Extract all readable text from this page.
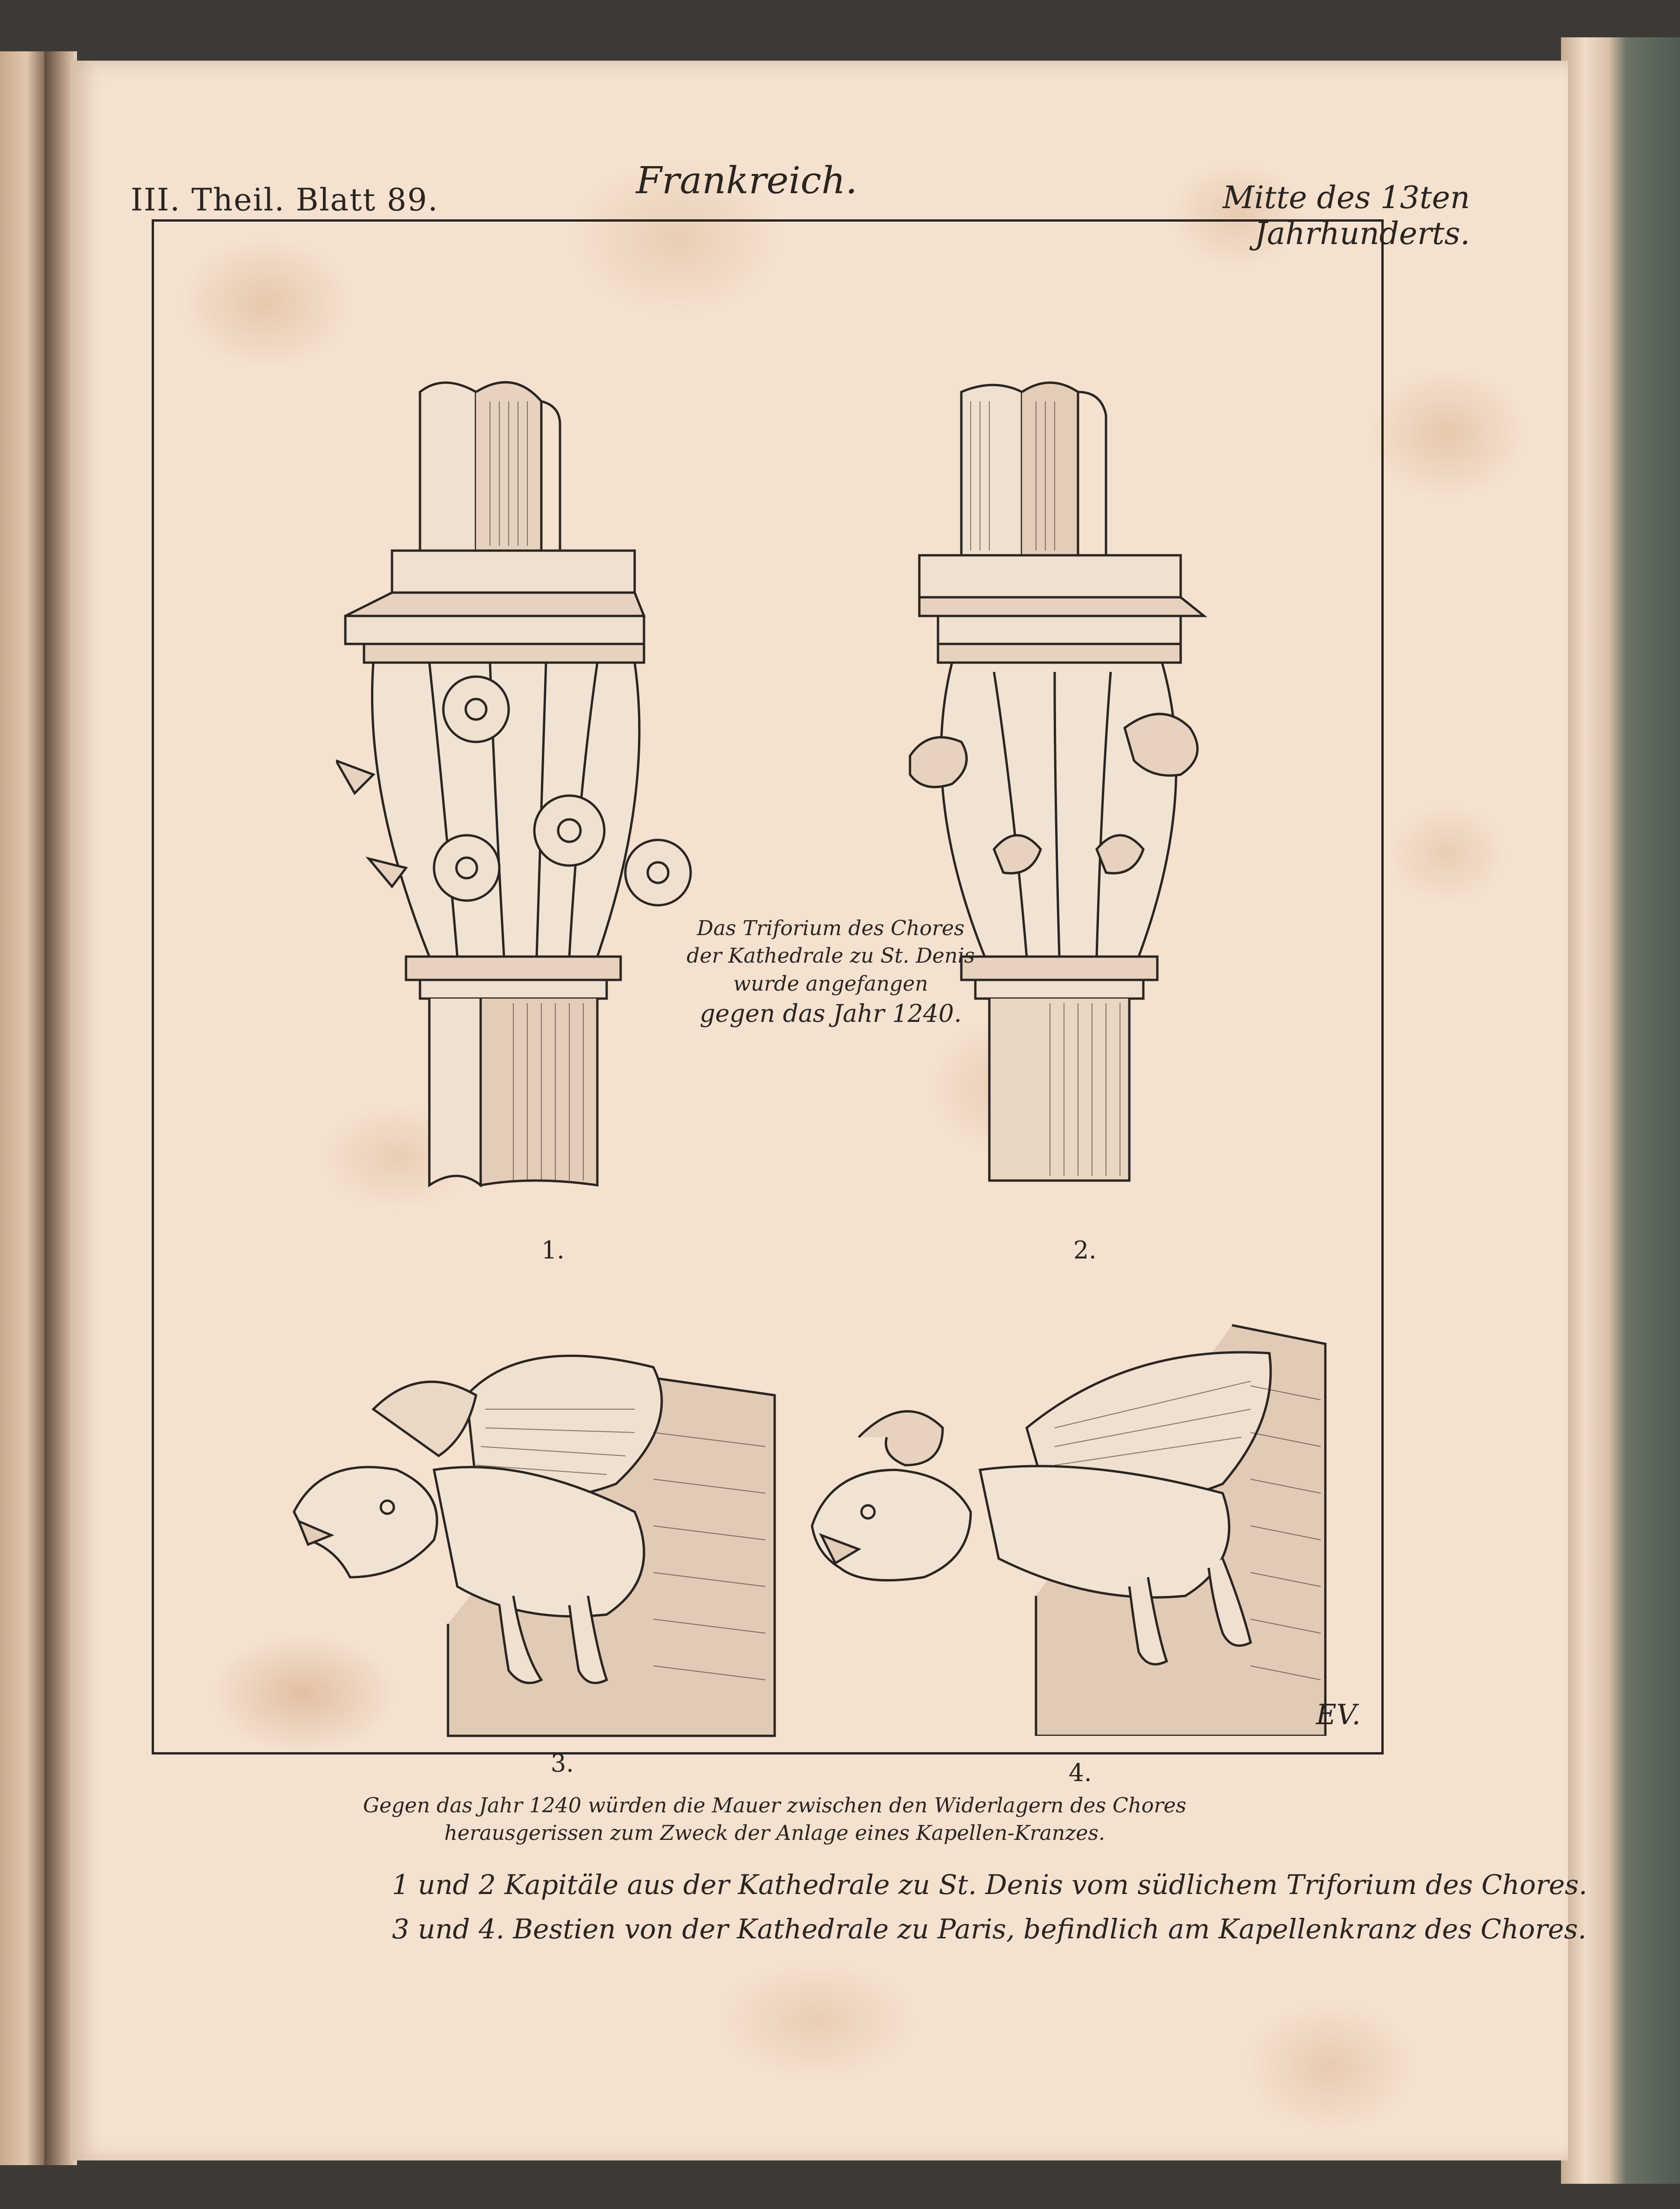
III. Theil. Blatt 89.	Frankreich.	Mitte des 13ten Jahrhunderts.
1.	2.
Das Triforium des Chores
der Kathedrale zu St. Denis
wurde angefangen
gegen das Jahr 1240.
3.	4.
EV.
Gegen das Jahr 1240 würden die Mauer zwischen den Widerlagern des Chores
herausgerissen zum Zweck der Anlage eines Kapellen-Kranzes.
1 und 2 Kapitäle aus der Kathedrale zu St. Denis vom südlichem Triforium des Chores.
3 und 4. Bestien von der Kathedrale zu Paris, befindlich am Kapellenkranz des Chores.
